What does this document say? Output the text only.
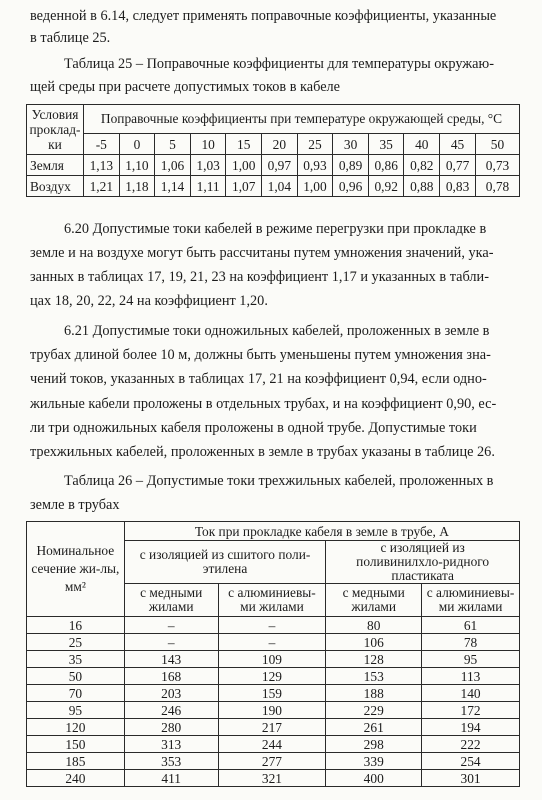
веденной в 6.14, следует применять поправочные коэффициенты, указанные

в таблице 25.

Таблица 25 – Поправочные коэффициенты для температуры окружаю-

щей среды при расчете допустимых токов в кабеле

Условия проклад-ки	Поправочные коэффициенты при температуре окружающей среды, °С											
	-5	0	5	10	15	20	25	30	35	40	45	50
Земля	1,13	1,10	1,06	1,03	1,00	0,97	0,93	0,89	0,86	0,82	0,77	0,73
Воздух	1,21	1,18	1,14	1,11	1,07	1,04	1,00	0,96	0,92	0,88	0,83	0,78

6.20 Допустимые токи кабелей в режиме перегрузки при прокладке в

земле и на воздухе могут быть рассчитаны путем умножения значений, ука-

занных в таблицах 17, 19, 21, 23 на коэффициент 1,17 и указанных в табли-

цах 18, 20, 22, 24 на коэффициент 1,20.

6.21 Допустимые токи одножильных кабелей, проложенных в земле в

трубах длиной более 10 м, должны быть уменьшены путем умножения зна-

чений токов, указанных в таблицах 17, 21 на коэффициент 0,94, если одно-

жильные кабели проложены в отдельных трубах, и на коэффициент 0,90, ес-

ли три одножильных кабеля проложены в одной трубе. Допустимые токи

трехжильных кабелей, проложенных в земле в трубах указаны в таблице 26.

Таблица 26 – Допустимые токи трехжильных кабелей, проложенных в

земле в трубах

Номинальное сечение жи-лы, мм²	Ток при прокладке кабеля в земле в трубе, А			
	с изоляцией из сшитого поли-этилена		с изоляцией из поливинилхло-ридного пластиката	
	с медными жилами	с алюминиевы-ми жилами	с медными жилами	с алюминиевы-ми жилами
16	–	–	80	61
25	–	–	106	78
35	143	109	128	95
50	168	129	153	113
70	203	159	188	140
95	246	190	229	172
120	280	217	261	194
150	313	244	298	222
185	353	277	339	254
240	411	321	400	301
